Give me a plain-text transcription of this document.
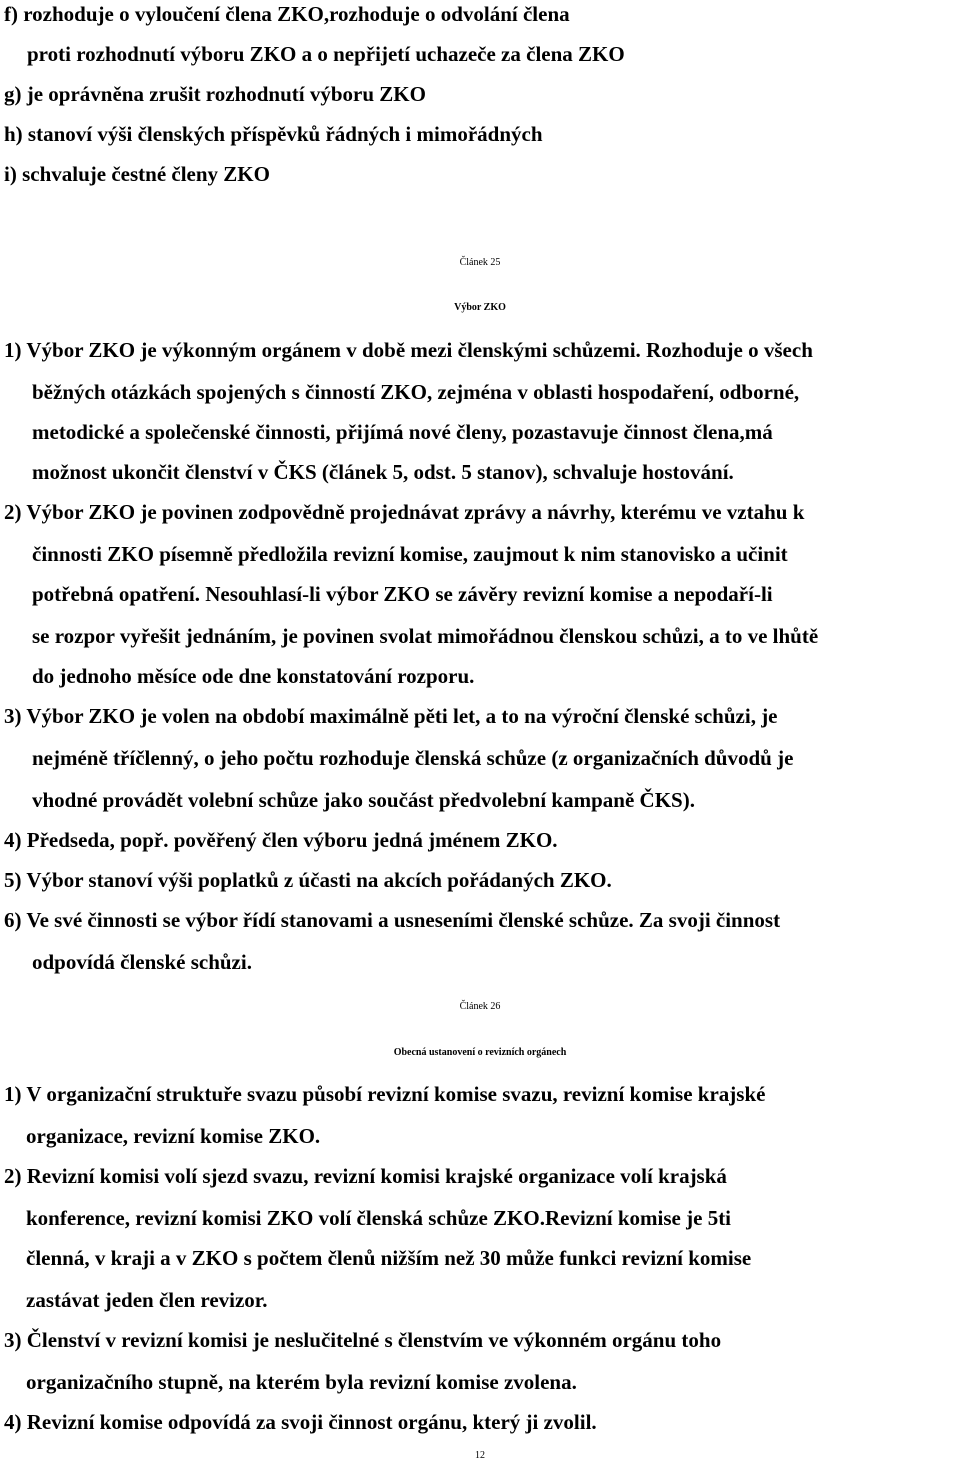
f) rozhoduje o vyloučení člena ZKO,rozhoduje o odvolání člena
proti rozhodnutí výboru ZKO a o nepřijetí uchazeče za člena ZKO
g) je oprávněna zrušit rozhodnutí výboru ZKO
h) stanoví výši členských příspěvků řádných i mimořádných
i) schvaluje čestné členy ZKO
Článek 25
Výbor ZKO
1) Výbor ZKO je výkonným orgánem v době mezi členskými schůzemi. Rozhoduje o všech
běžných otázkách spojených s činností ZKO, zejména v oblasti hospodaření, odborné,
metodické a společenské činnosti, přijímá nové členy, pozastavuje činnost člena,má
možnost ukončit členství v ČKS (článek 5, odst. 5 stanov), schvaluje hostování.
2) Výbor ZKO je povinen zodpovědně projednávat zprávy a návrhy, kterému ve vztahu k
činnosti ZKO písemně předložila revizní komise, zaujmout k nim stanovisko a učinit
potřebná opatření. Nesouhlasí-li výbor ZKO se závěry revizní komise a nepodaří-li
se rozpor vyřešit jednáním, je povinen svolat mimořádnou členskou schůzi, a to ve lhůtě
do jednoho měsíce ode dne konstatování rozporu.
3) Výbor ZKO je volen na období maximálně pěti let, a to na výroční členské schůzi, je
nejméně tříčlenný, o jeho počtu rozhoduje členská schůze (z organizačních důvodů je
vhodné provádět volební schůze jako součást předvolební kampaně ČKS).
4) Předseda, popř. pověřený člen výboru jedná jménem ZKO.
5) Výbor stanoví výši poplatků z účasti na akcích pořádaných ZKO.
6) Ve své činnosti se výbor řídí stanovami a usneseními členské schůze. Za svoji činnost
odpovídá členské schůzi.
Článek 26
Obecná ustanovení o revizních orgánech
1) V organizační struktuře svazu působí revizní komise svazu, revizní komise krajské
organizace, revizní komise ZKO.
2) Revizní komisi volí sjezd svazu, revizní komisi krajské organizace volí krajská
konference, revizní komisi ZKO volí členská schůze ZKO.Revizní komise je 5ti
členná, v kraji a v ZKO s počtem členů nižším než 30 může funkci revizní komise
zastávat jeden člen revizor.
3) Členství v revizní komisi je neslučitelné s členstvím ve výkonném orgánu toho
organizačního stupně, na kterém byla revizní komise zvolena.
4) Revizní komise odpovídá za svoji činnost orgánu, který ji zvolil.
12
